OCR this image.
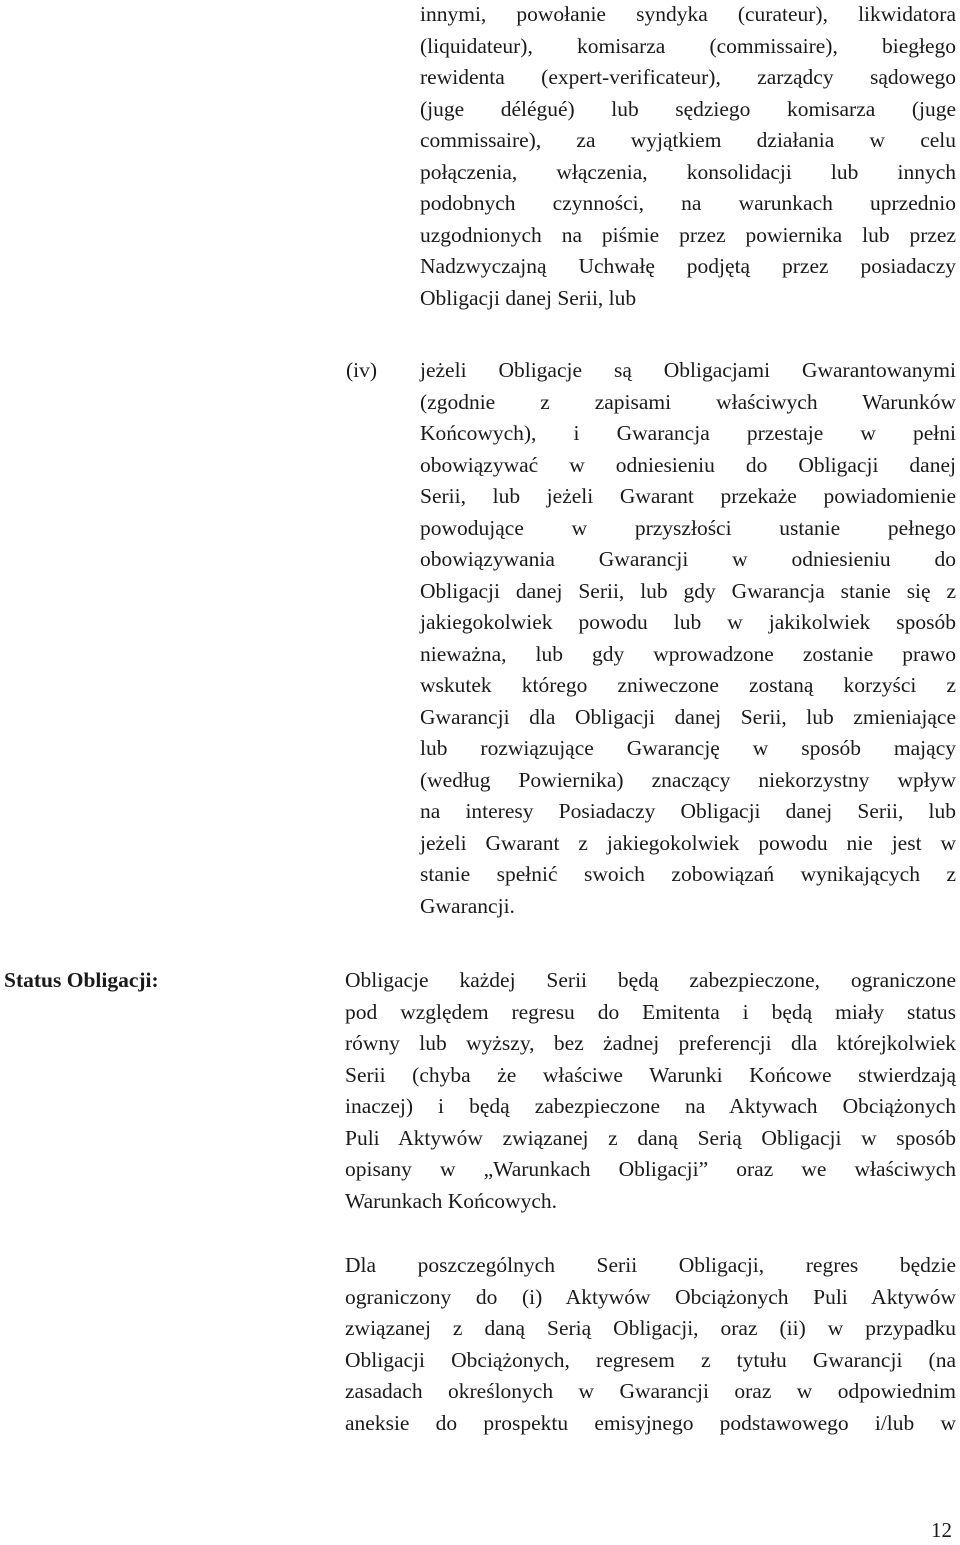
innymi, powołanie syndyka (curateur), likwidatora
(liquidateur), komisarza (commissaire), biegłego
rewidenta (expert-verificateur), zarządcy sądowego
(juge délégué) lub sędziego komisarza (juge
commissaire), za wyjątkiem działania w celu
połączenia, włączenia, konsolidacji lub innych
podobnych czynności, na warunkach uprzednio
uzgodnionych na piśmie przez powiernika lub przez
Nadzwyczajną Uchwałę podjętą przez posiadaczy
Obligacji danej Serii, lub
(iv) jeżeli Obligacje są Obligacjami Gwarantowanymi
(zgodnie z zapisami właściwych Warunków
Końcowych), i Gwarancja przestaje w pełni
obowiązywać w odniesieniu do Obligacji danej
Serii, lub jeżeli Gwarant przekaże powiadomienie
powodujące w przyszłości ustanie pełnego
obowiązywania Gwarancji w odniesieniu do
Obligacji danej Serii, lub gdy Gwarancja stanie się z
jakiegokolwiek powodu lub w jakikolwiek sposób
nieważna, lub gdy wprowadzone zostanie prawo
wskutek którego zniweczone zostaną korzyści z
Gwarancji dla Obligacji danej Serii, lub zmieniające
lub rozwiązujące Gwarancję w sposób mający
(według Powiernika) znaczący niekorzystny wpływ
na interesy Posiadaczy Obligacji danej Serii, lub
jeżeli Gwarant z jakiegokolwiek powodu nie jest w
stanie spełnić swoich zobowiązań wynikających z
Gwarancji.
Status Obligacji:	Obligacje każdej Serii będą zabezpieczone, ograniczone
pod względem regresu do Emitenta i będą miały status
równy lub wyższy, bez żadnej preferencji dla którejkolwiek
Serii (chyba że właściwe Warunki Końcowe stwierdzają
inaczej) i będą zabezpieczone na Aktywach Obciążonych
Puli Aktywów związanej z daną Serią Obligacji w sposób
opisany w „Warunkach Obligacji” oraz we właściwych
Warunkach Końcowych.
Dla poszczególnych Serii Obligacji, regres będzie
ograniczony do (i) Aktywów Obciążonych Puli Aktywów
związanej z daną Serią Obligacji, oraz (ii) w przypadku
Obligacji Obciążonych, regresem z tytułu Gwarancji (na
zasadach określonych w Gwarancji oraz w odpowiednim
aneksie do prospektu emisyjnego podstawowego i/lub w
12
